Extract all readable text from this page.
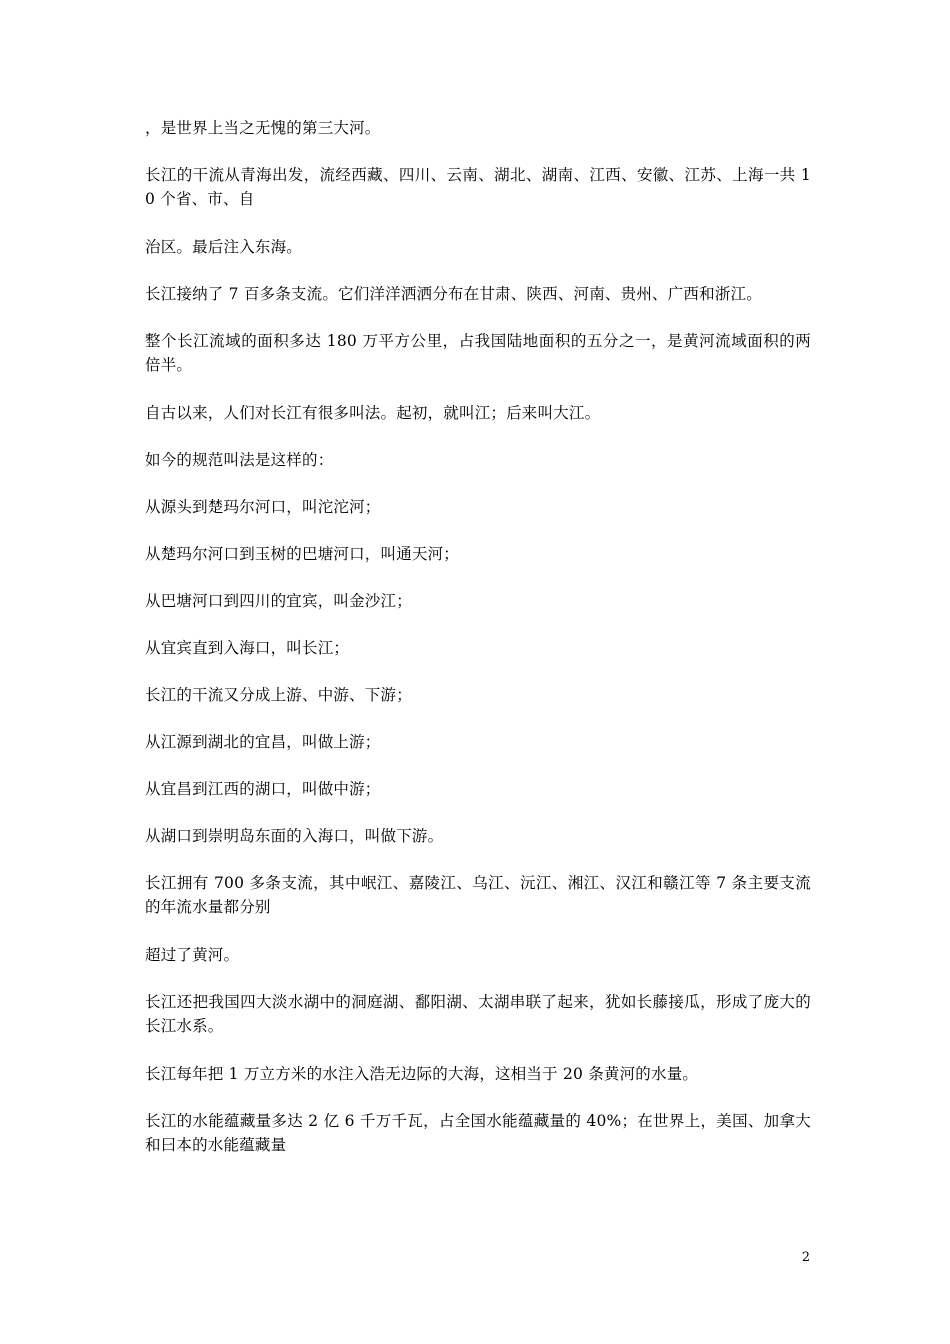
，是世界上当之无愧的第三大河。

长江的干流从青海出发，流经西藏、四川、云南、湖北、湖南、江西、安徽、江苏、上海一共 10 个省、市、自

治区。最后注入东海。

长江接纳了 7 百多条支流。它们洋洋洒洒分布在甘肃、陕西、河南、贵州、广西和浙江。

整个长江流域的面积多达 180 万平方公里，占我国陆地面积的五分之一，是黄河流域面积的两倍半。

自古以来，人们对长江有很多叫法。起初，就叫江；后来叫大江。

如今的规范叫法是这样的：

从源头到楚玛尔河口，叫沱沱河；

从楚玛尔河口到玉树的巴塘河口，叫通天河；

从巴塘河口到四川的宜宾，叫金沙江；

从宜宾直到入海口，叫长江；

长江的干流又分成上游、中游、下游；

从江源到湖北的宜昌，叫做上游；

从宜昌到江西的湖口，叫做中游；

从湖口到崇明岛东面的入海口，叫做下游。

长江拥有 700 多条支流，其中岷江、嘉陵江、乌江、沅江、湘江、汉江和赣江等 7 条主要支流的年流水量都分别

超过了黄河。

长江还把我国四大淡水湖中的洞庭湖、鄱阳湖、太湖串联了起来，犹如长藤接瓜，形成了庞大的长江水系。

长江每年把 1 万立方米的水注入浩无边际的大海，这相当于 20 条黄河的水量。

长江的水能蕴藏量多达 2 亿 6 千万千瓦，占全国水能蕴藏量的 40%；在世界上，美国、加拿大和曰本的水能蕴藏量

2
